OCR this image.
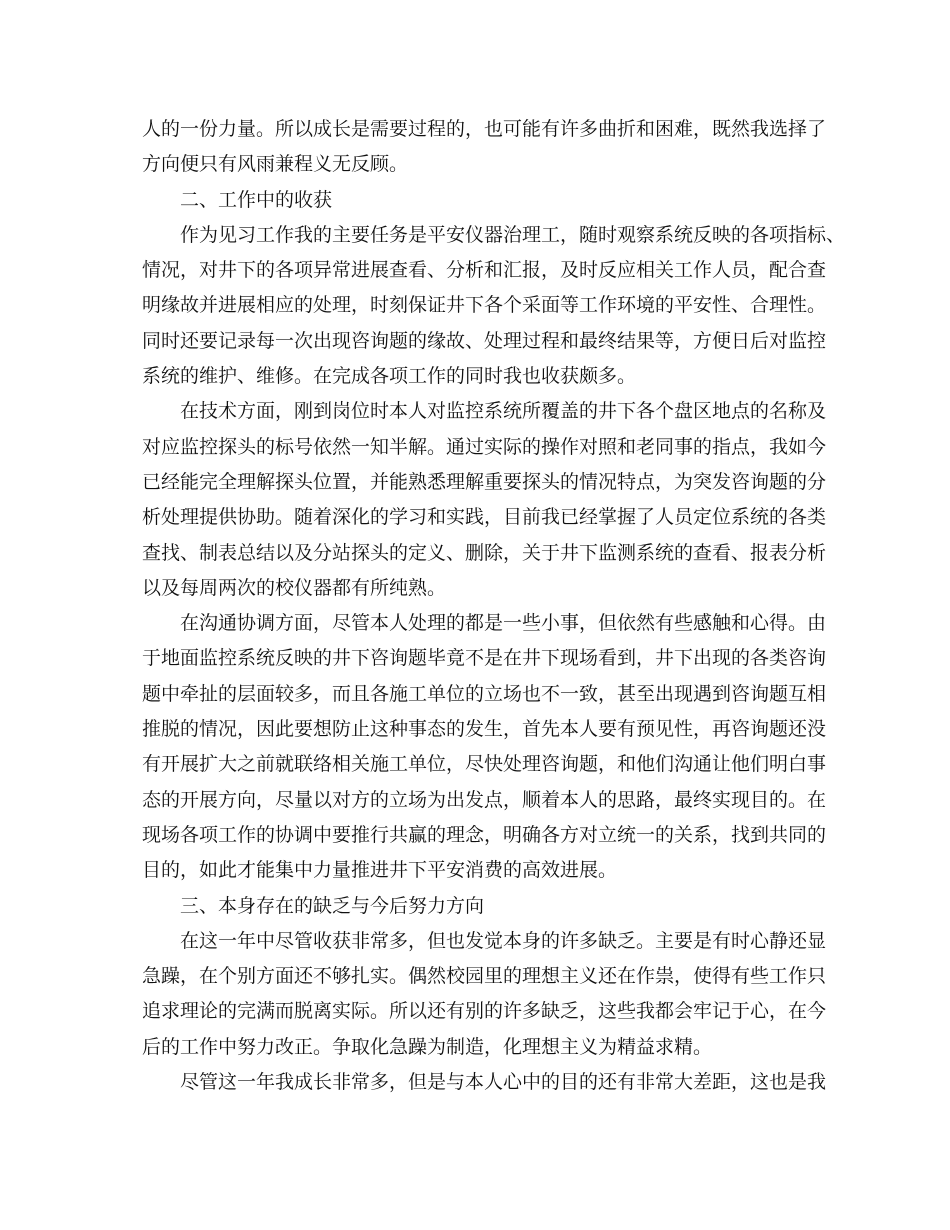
人的一份力量。所以成长是需要过程的，也可能有许多曲折和困难，既然我选择了
方向便只有风雨兼程义无反顾。
二、工作中的收获
作为见习工作我的主要任务是平安仪器治理工，随时观察系统反映的各项指标、
情况，对井下的各项异常进展查看、分析和汇报，及时反应相关工作人员，配合查
明缘故并进展相应的处理，时刻保证井下各个采面等工作环境的平安性、合理性。
同时还要记录每一次出现咨询题的缘故、处理过程和最终结果等，方便日后对监控
系统的维护、维修。在完成各项工作的同时我也收获颇多。
在技术方面，刚到岗位时本人对监控系统所覆盖的井下各个盘区地点的名称及
对应监控探头的标号依然一知半解。通过实际的操作对照和老同事的指点，我如今
已经能完全理解探头位置，并能熟悉理解重要探头的情况特点，为突发咨询题的分
析处理提供协助。随着深化的学习和实践，目前我已经掌握了人员定位系统的各类
查找、制表总结以及分站探头的定义、删除，关于井下监测系统的查看、报表分析
以及每周两次的校仪器都有所纯熟。
在沟通协调方面，尽管本人处理的都是一些小事，但依然有些感触和心得。由
于地面监控系统反映的井下咨询题毕竟不是在井下现场看到，井下出现的各类咨询
题中牵扯的层面较多，而且各施工单位的立场也不一致，甚至出现遇到咨询题互相
推脱的情况，因此要想防止这种事态的发生，首先本人要有预见性，再咨询题还没
有开展扩大之前就联络相关施工单位，尽快处理咨询题，和他们沟通让他们明白事
态的开展方向，尽量以对方的立场为出发点，顺着本人的思路，最终实现目的。在
现场各项工作的协调中要推行共赢的理念，明确各方对立统一的关系，找到共同的
目的，如此才能集中力量推进井下平安消费的高效进展。
三、本身存在的缺乏与今后努力方向
在这一年中尽管收获非常多，但也发觉本身的许多缺乏。主要是有时心静还显
急躁，在个别方面还不够扎实。偶然校园里的理想主义还在作祟，使得有些工作只
追求理论的完满而脱离实际。所以还有别的许多缺乏，这些我都会牢记于心，在今
后的工作中努力改正。争取化急躁为制造，化理想主义为精益求精。
尽管这一年我成长非常多，但是与本人心中的目的还有非常大差距，这也是我
